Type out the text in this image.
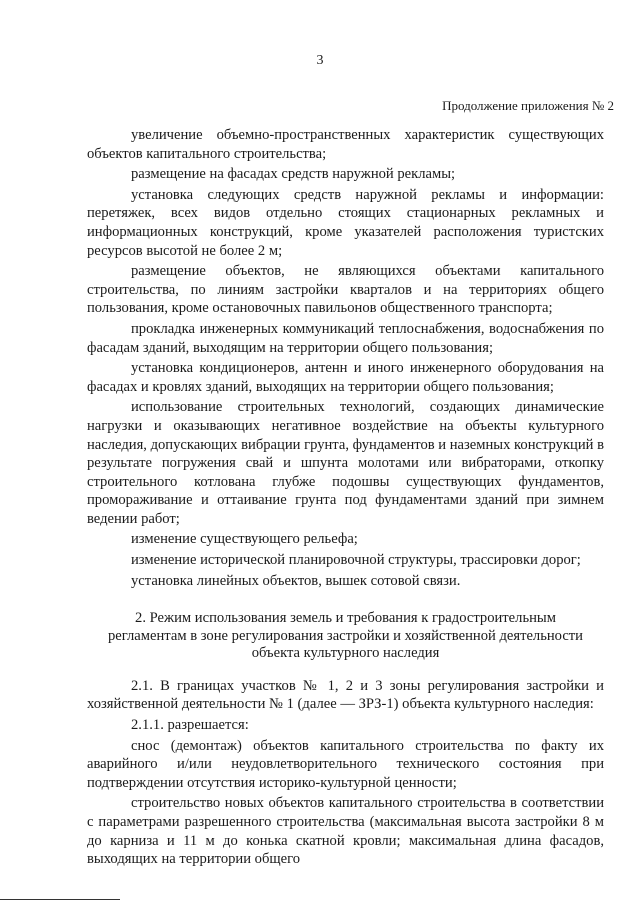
3
Продолжение приложения № 2

увеличение объемно-пространственных характеристик существующих объектов капитального строительства;

размещение на фасадах средств наружной рекламы;

установка следующих средств наружной рекламы и информации: перетяжек, всех видов отдельно стоящих стационарных рекламных и информационных конструкций, кроме указателей расположения туристских ресурсов высотой не более 2 м;

размещение объектов, не являющихся объектами капитального строительства, по линиям застройки кварталов и на территориях общего пользования, кроме остановочных павильонов общественного транспорта;

прокладка инженерных коммуникаций теплоснабжения, водоснабжения по фасадам зданий, выходящим на территории общего пользования;

установка кондиционеров, антенн и иного инженерного оборудования на фасадах и кровлях зданий, выходящих на территории общего пользования;

использование строительных технологий, создающих динамические нагрузки и оказывающих негативное воздействие на объекты культурного наследия, допускающих вибрации грунта, фундаментов и наземных конструкций в результате погружения свай и шпунта молотами или вибраторами, откопку строительного котлована глубже подошвы существующих фундаментов, промораживание и оттаивание грунта под фундаментами зданий при зимнем ведении работ;

изменение существующего рельефа;

изменение исторической планировочной структуры, трассировки дорог;

установка линейных объектов, вышек сотовой связи.

2. Режим использования земель и требования к градостроительным регламентам в зоне регулирования застройки и хозяйственной деятельности объекта культурного наследия

2.1. В границах участков № 1, 2 и 3 зоны регулирования застройки и хозяйственной деятельности № 1 (далее — ЗРЗ-1) объекта культурного наследия:

2.1.1. разрешается:

снос (демонтаж) объектов капитального строительства по факту их аварийного и/или неудовлетворительного технического состояния при подтверждении отсутствия историко-культурной ценности;

строительство новых объектов капитального строительства в соответствии с параметрами разрешенного строительства (максимальная высота застройки 8 м до карниза и 11 м до конька скатной кровли; максимальная длина фасадов, выходящих на территории общего
